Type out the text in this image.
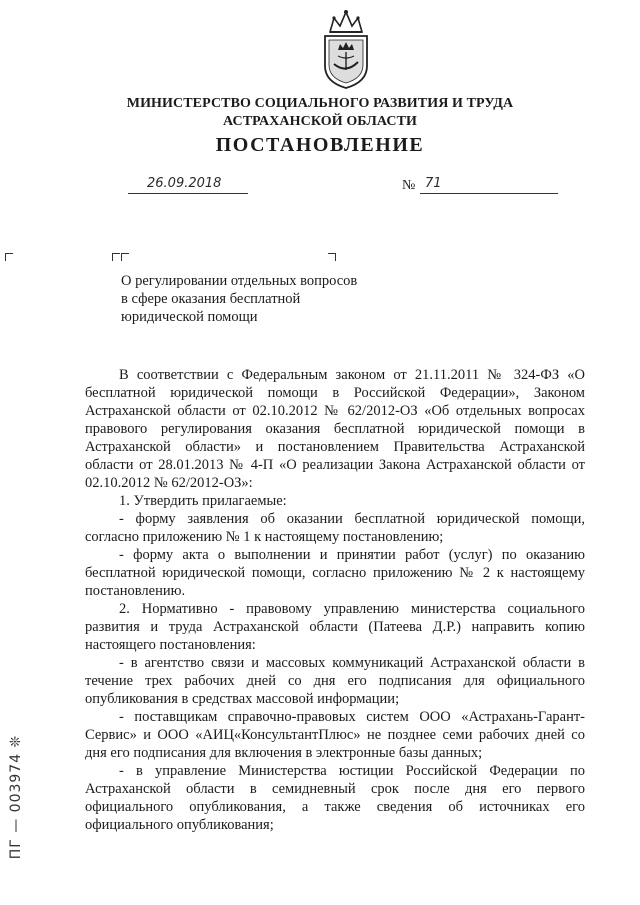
МИНИСТЕРСТВО СОЦИАЛЬНОГО РАЗВИТИЯ И ТРУДА
АСТРАХАНСКОЙ ОБЛАСТИ
ПОСТАНОВЛЕНИЕ
26.09.2018	№ 71
О регулировании отдельных вопросов в сфере оказания бесплатной юридической помощи
В соответствии с Федеральным законом от 21.11.2011 № 324-ФЗ «О
бесплатной юридической помощи в Российской Федерации», Законом
Астраханской области от 02.10.2012 № 62/2012-ОЗ «Об отдельных вопросах
правового регулирования оказания бесплатной юридической помощи в
Астраханской области» и постановлением Правительства Астраханской
области от 28.01.2013 № 4-П «О реализации Закона Астраханской области от
02.10.2012 № 62/2012-ОЗ»:
1. Утвердить прилагаемые:
- форму заявления об оказании бесплатной юридической помощи,
согласно приложению № 1 к настоящему постановлению;
- форму акта о выполнении и принятии работ (услуг) по оказанию
бесплатной юридической помощи, согласно приложению № 2 к настоящему
постановлению.
2. Нормативно - правовому управлению министерства социального
развития и труда Астраханской области (Патеева Д.Р.) направить копию
настоящего постановления:
- в агентство связи и массовых коммуникаций Астраханской области в
течение трех рабочих дней со дня его подписания для официального
опубликования в средствах массовой информации;
- поставщикам справочно-правовых систем ООО «Астрахань-Гарант-
Сервис» и ООО «АИЦ«КонсультантПлюс» не позднее семи рабочих дней со
дня его подписания для включения в электронные базы данных;
- в управление Министерства юстиции Российской Федерации по
Астраханской области в семидневный срок после дня его первого
официального опубликования, а также сведения об источниках его
официального опубликования;
ПГ — 003974 ❊
